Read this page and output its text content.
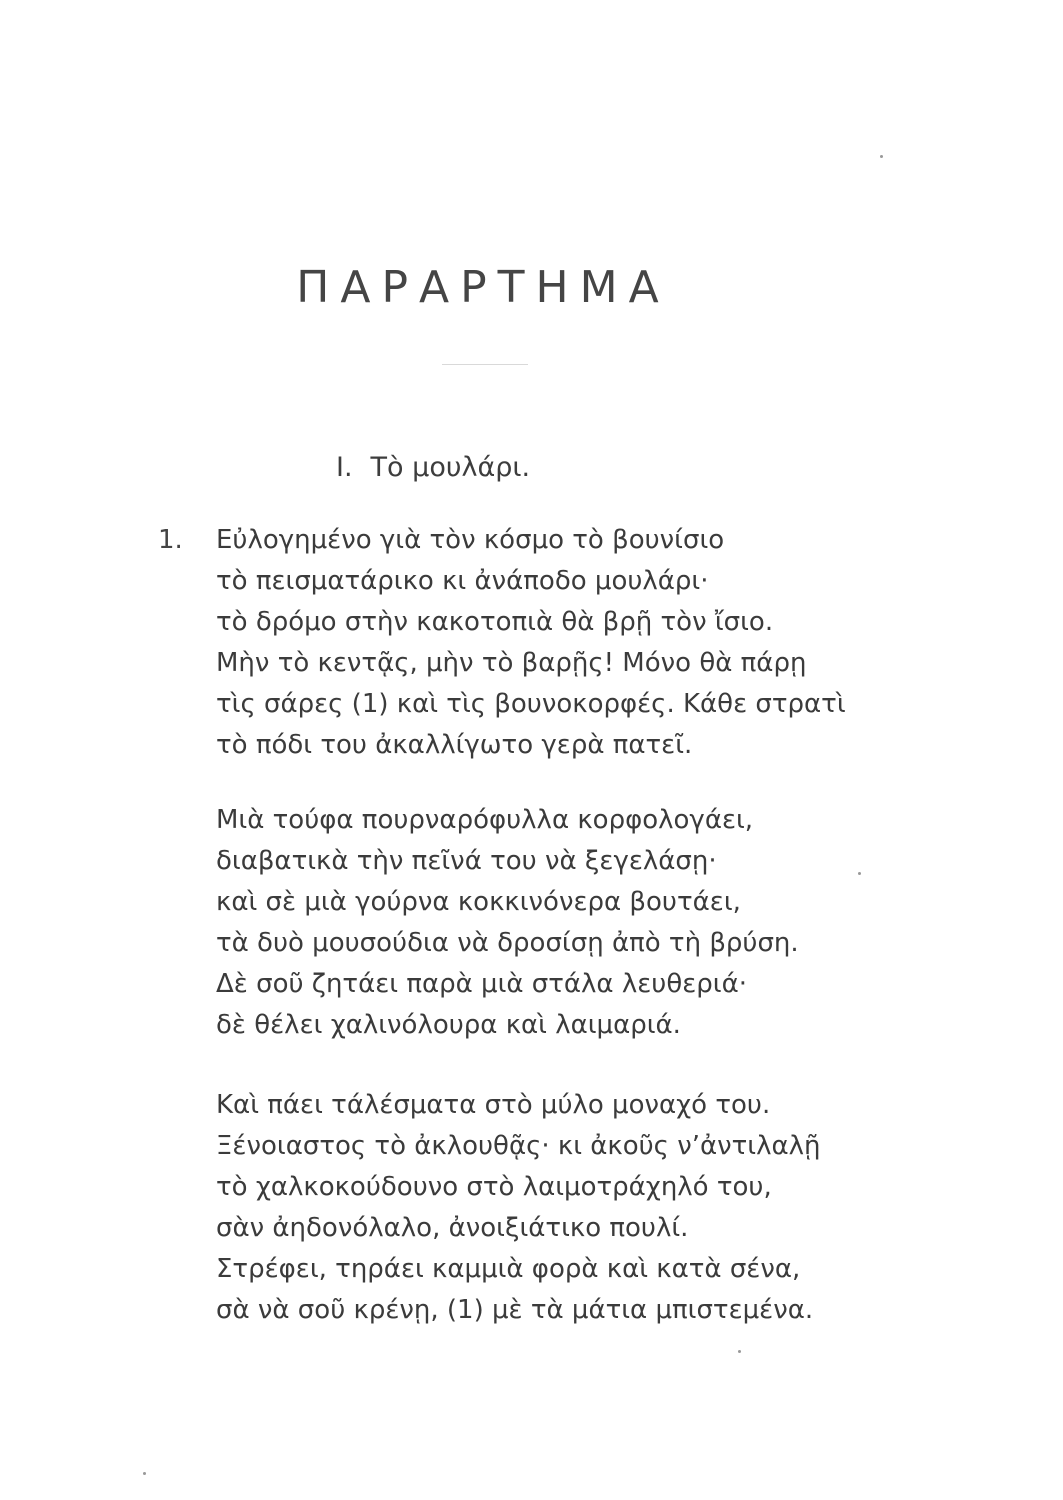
ΠΑΡΑΡΤΗΜΑ
I. Τὸ μουλάρι.
1. Εὐλογημένο γιὰ τὸν κόσμο τὸ βουνίσιο
τὸ πεισματάρικο κι ἀνάποδο μουλάρι·
τὸ δρόμο στὴν κακοτοπιὰ θὰ βρῇ τὸν ἴσιο.
Μὴν τὸ κεντᾷς, μὴν τὸ βαρῇς! Μόνο θὰ πάρῃ
τὶς σάρες (1) καὶ τὶς βουνοκορφές. Κάθε στρατὶ
τὸ πόδι του ἀκαλλίγωτο γερὰ πατεῖ.
Μιὰ τούφα πουρναρόφυλλα κορφολογάει,
διαβατικὰ τὴν πεῖνά του νὰ ξεγελάσῃ·
καὶ σὲ μιὰ γούρνα κοκκινόνερα βουτάει,
τὰ δυὸ μουσούδια νὰ δροσίσῃ ἀπὸ τὴ βρύση.
Δὲ σοῦ ζητάει παρὰ μιὰ στάλα λευθεριά·
δὲ θέλει χαλινόλουρα καὶ λαιμαριά.
Καὶ πάει τάλέσματα στὸ μύλο μοναχό του.
Ξένοιαστος τὸ ἀκλουθᾷς· κι ἀκοῦς ν’ἀντιλαλῇ
τὸ χαλκοκούδουνο στὸ λαιμοτράχηλό του,
σὰν ἀηδονόλαλο, ἀνοιξιάτικο πουλί.
Στρέφει, τηράει καμμιὰ φορὰ καὶ κατὰ σένα,
σὰ νὰ σοῦ κρένῃ, (1) μὲ τὰ μάτια μπιστεμένα.
